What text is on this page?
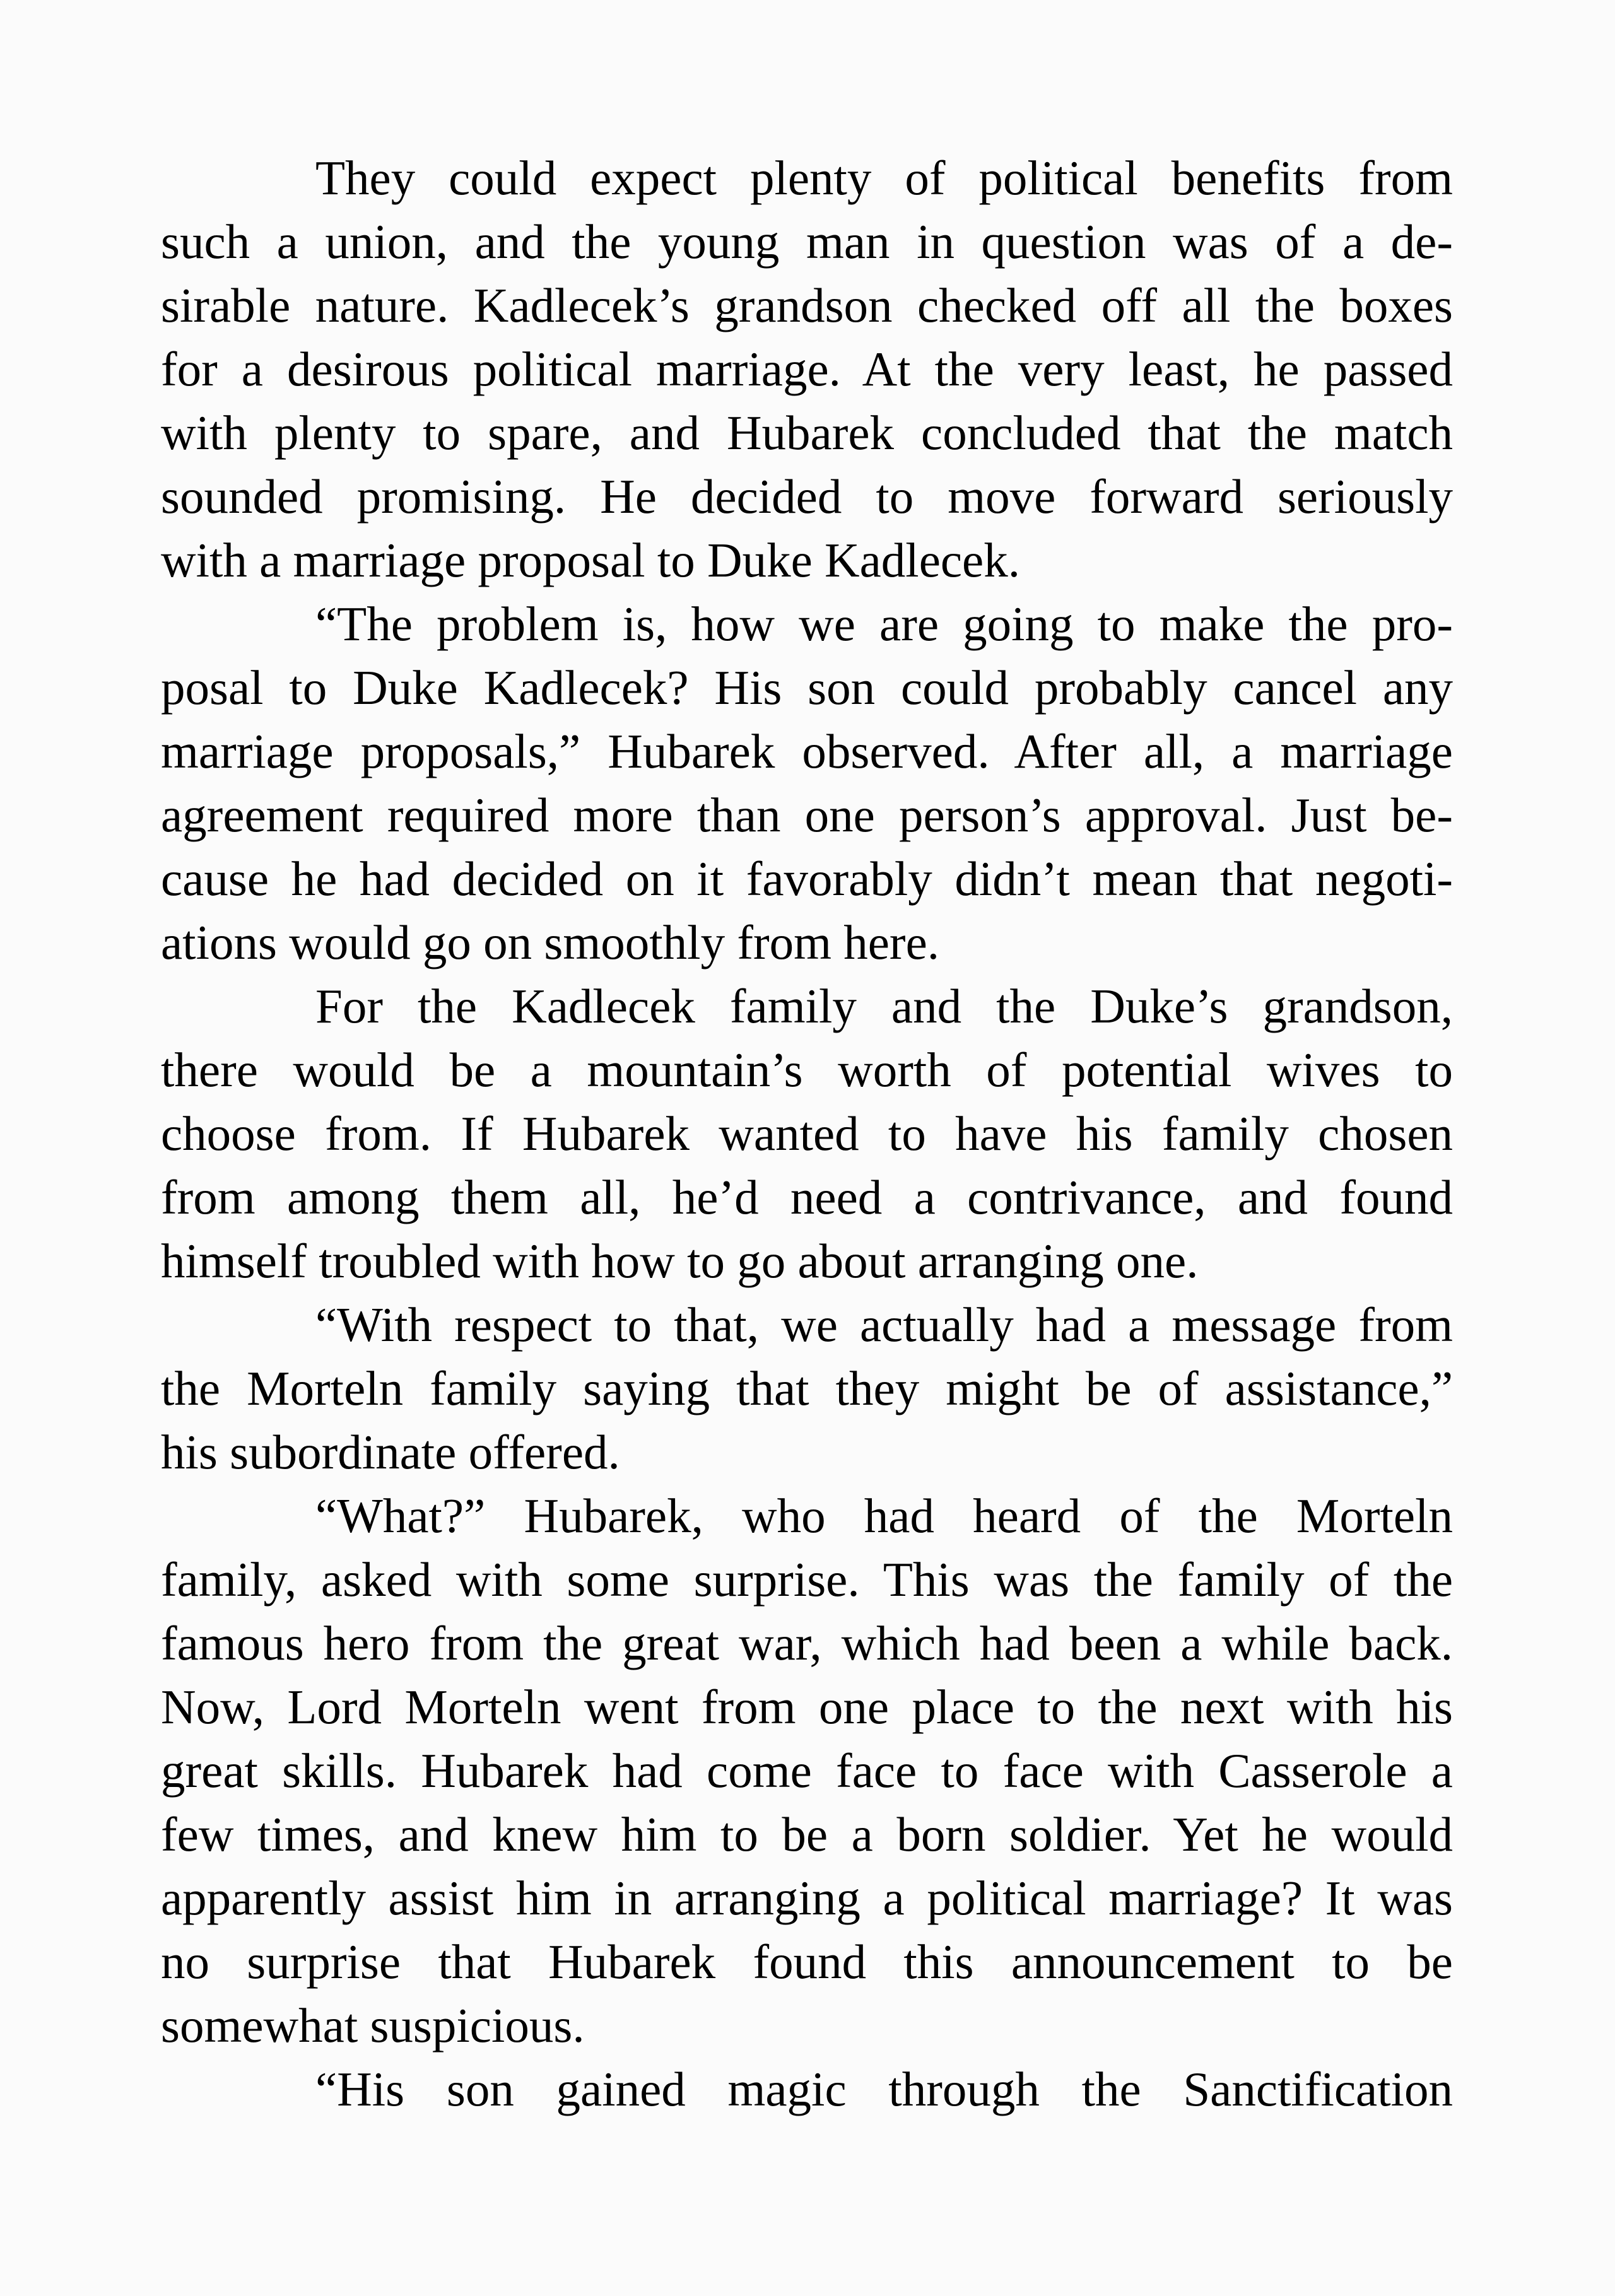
They could expect plenty of political benefits from
such a union, and the young man in question was of a de-
sirable nature. Kadlecek’s grandson checked off all the boxes
for a desirous political marriage. At the very least, he passed
with plenty to spare, and Hubarek concluded that the match
sounded promising. He decided to move forward seriously
with a marriage proposal to Duke Kadlecek.
“The problem is, how we are going to make the pro-
posal to Duke Kadlecek? His son could probably cancel any
marriage proposals,” Hubarek observed. After all, a marriage
agreement required more than one person’s approval. Just be-
cause he had decided on it favorably didn’t mean that negoti-
ations would go on smoothly from here.
For the Kadlecek family and the Duke’s grandson,
there would be a mountain’s worth of potential wives to
choose from. If Hubarek wanted to have his family chosen
from among them all, he’d need a contrivance, and found
himself troubled with how to go about arranging one.
“With respect to that, we actually had a message from
the Morteln family saying that they might be of assistance,”
his subordinate offered.
“What?” Hubarek, who had heard of the Morteln
family, asked with some surprise. This was the family of the
famous hero from the great war, which had been a while back.
Now, Lord Morteln went from one place to the next with his
great skills. Hubarek had come face to face with Casserole a
few times, and knew him to be a born soldier. Yet he would
apparently assist him in arranging a political marriage? It was
no surprise that Hubarek found this announcement to be
somewhat suspicious.
“His son gained magic through the Sanctification
